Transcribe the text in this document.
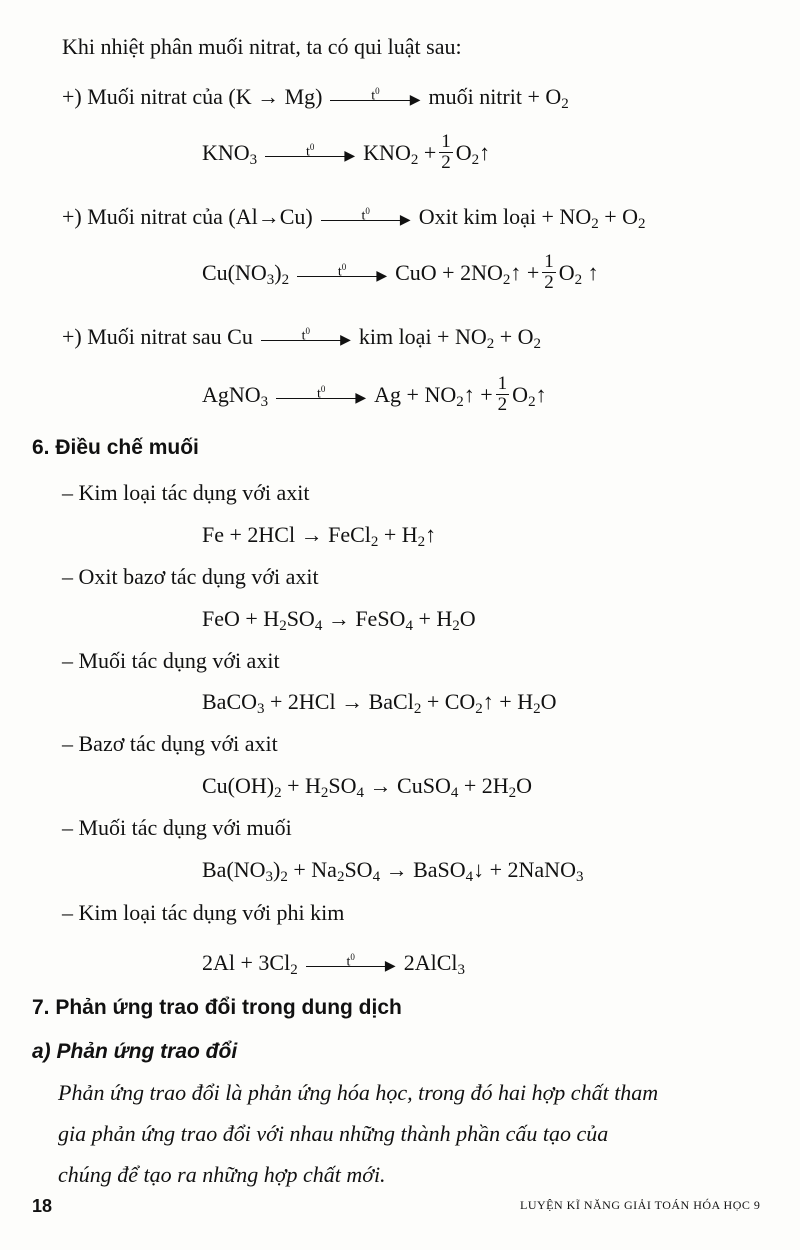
Khi nhiệt phân muối nitrat, ta có qui luật sau:
+) Muối nitrat của (K → Mg)	$t^0$
▶ muối nitrit + $O_2$
$KNO_3$	$t^0$
▶ $KNO_2 + \frac{1}{2}$ $O_2↑$
+) Muối nitrat của (Al→Cu)	$t^0$
▶ Oxit kim loại + $NO_2 + O_2$
$Cu(NO_3)_2$	$t^0$
▶ CuO + $2NO_2↑ + \frac{1}{2} O_2$ ↑
+) Muối nitrat sau Cu	$t^0$
▶ kim loại + $NO_2 + O_2$
AgNO$_3$	$t^0$
▶ $Ag + NO_2↑ + \frac{1}{2}$ $O_2↑$
6. Điều chế muối
– Kim loại tác dụng với axit
Fe + 2HCl → FeCl$_2$ + $H_2↑$
– Oxit bazơ tác dụng với axit
FeO + $H_2SO_4$ → FeSO$_4$ + $H_2O$
– Muối tác dụng với axit
BaCO$_3$ + 2HCl → BaCl$_2$ + $CO_2↑ + H_2O$
– Bazơ tác dụng với axit
$Cu(OH)_2 + H_2SO_4$ → CuSO$_4$ + $2H_2O$
– Muối tác dụng với muối
$Ba(NO_3)_2 + Na_2SO_4$ → BaSO$_4$↓ + 2NaNO$_3$
– Kim loại tác dụng với phi kim
$2Al + 3Cl_2$	$t^0$
▶ 2AlCl$_3$
7. Phản ứng trao đổi trong dung dịch
a) Phản ứng trao đổi
Phản ứng trao đổi là phản ứng hóa học, trong đó hai hợp chất tham
gia phản ứng trao đổi với nhau những thành phần cấu tạo của
chúng để tạo ra những hợp chất mới.
18	LUYỆN KĨ NĂNG GIẢI TOÁN HÓA HỌC 9
